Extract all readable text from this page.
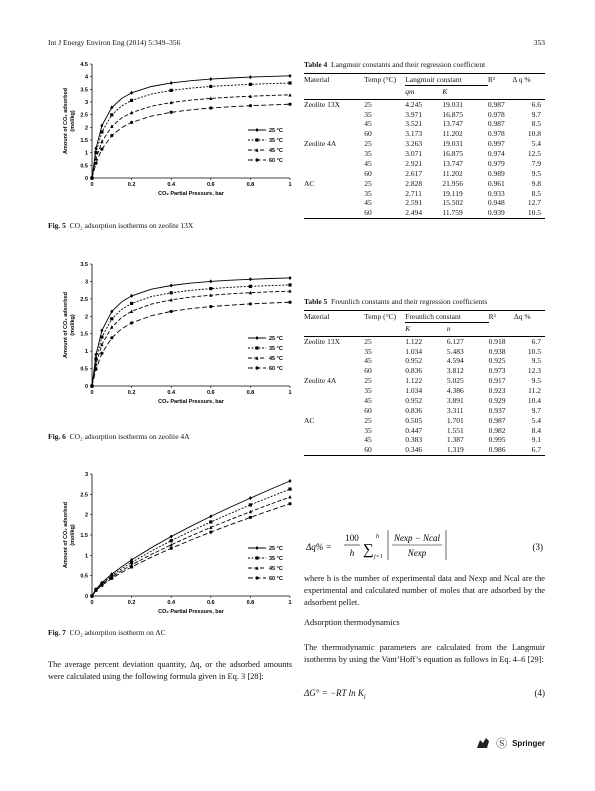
Int J Energy Environ Eng (2014) 5:349–356	353
0
0.5
1
1.5
2
2.5
3
3.5
4
4.5
0	0.2	0.4	0.6	0.8	1
CO₂ Partial Pressure, bar
Amount of CO₂ adsorbed(mol/kg)	25 °C
35 °C
45 °C
60 °C
Fig. 5 CO₂ adsorption isotherms on zeolite 13X
0
0.5
1
1.5
2
2.5
3
3.5
0	0.2	0.4	0.6	0.8	1
CO₂ Partial Pressure, bar
Amount of CO₂ adsorbed(mol/kg)
25 °C
35 °C
45 °C
60 °C
Fig. 6 CO₂ adsorption isotherms on zeolite 4A
0
0.5
1
1.5
2
2.5
3
0	0.2	0.4	0.6	0.8	1
CO₂ Partial Pressure, bar
Amount of CO₂ adsorbed(mol/kg)
25 °C
35 °C
45 °C
60 °C
Fig. 7 CO₂ adsorption isotherm on AC
The average percent deviation quantity, Δq, or the adsorbed amounts were calculated using the following formula given in Eq. 3 [28]:
Table 4 Langmuir constants and their regression coefficient
Material	Temp (°C)	Langmuir constant		R²	Δ q %
		qm	K		
Zeolite 13X	25	4.245	19.031	0.987	6.6
	35	3.971	16.875	0.978	9.7
	45	3.521	13.747	0.987	8.5
	60	3.173	11.202	0.978	10.8
Zeolite 4A	25	3.263	19.031	0.997	5.4
	35	3.071	16.875	0.974	12.5
	45	2.921	13.747	0.979	7.9
	60	2.617	11.202	0.989	9.5
AC	25	2.828	21.956	0.961	9.8
	35	2.711	19.119	0.933	8.5
	45	2.591	15.502	0.948	12.7
	60	2.494	11.759	0.939	10.5
Table 5 Freunlich constants and their regression coefficients
Material	Temp (°C)	Freunlich constant		R²	Δq %
		K	n		
Zeolite 13X	25	1.122	6.127	0.918	6.7
	35	1.034	5.483	0.938	10.5
	45	0.952	4.594	0.925	9.5
	60	0.836	3.812	0.973	12.3
Zeolite 4A	25	1.122	5.025	0.917	9.5
	35	1.034	4.386	0.923	11.2
	45	0.952	3.891	0.929	10.4
	60	0.836	3.311	0.937	9.7
AC	25	0.505	1.701	0.987	5.4
	35	0.447	1.551	0.982	8.4
	45	0.383	1.387	0.995	9.1
	60	0.346	1.319	0.986	6.7
Δq% =
100
h ∑
h
j=1
Nexp − Ncal
Nexp
(3)
where h is the number of experimental data and Nexp and Ncal are the experimental and calculated number of moles that are adsorbed by the adsorbent pellet.
Adsorption thermodynamics
The thermodynamic parameters are calculated from the Langmuir isotherms by using the Vant’Hoff’s equation as follows in Eq. 4–6 [29]:
ΔG° = −RT $\ln K_l$	(4)
Ⓢ Springer
